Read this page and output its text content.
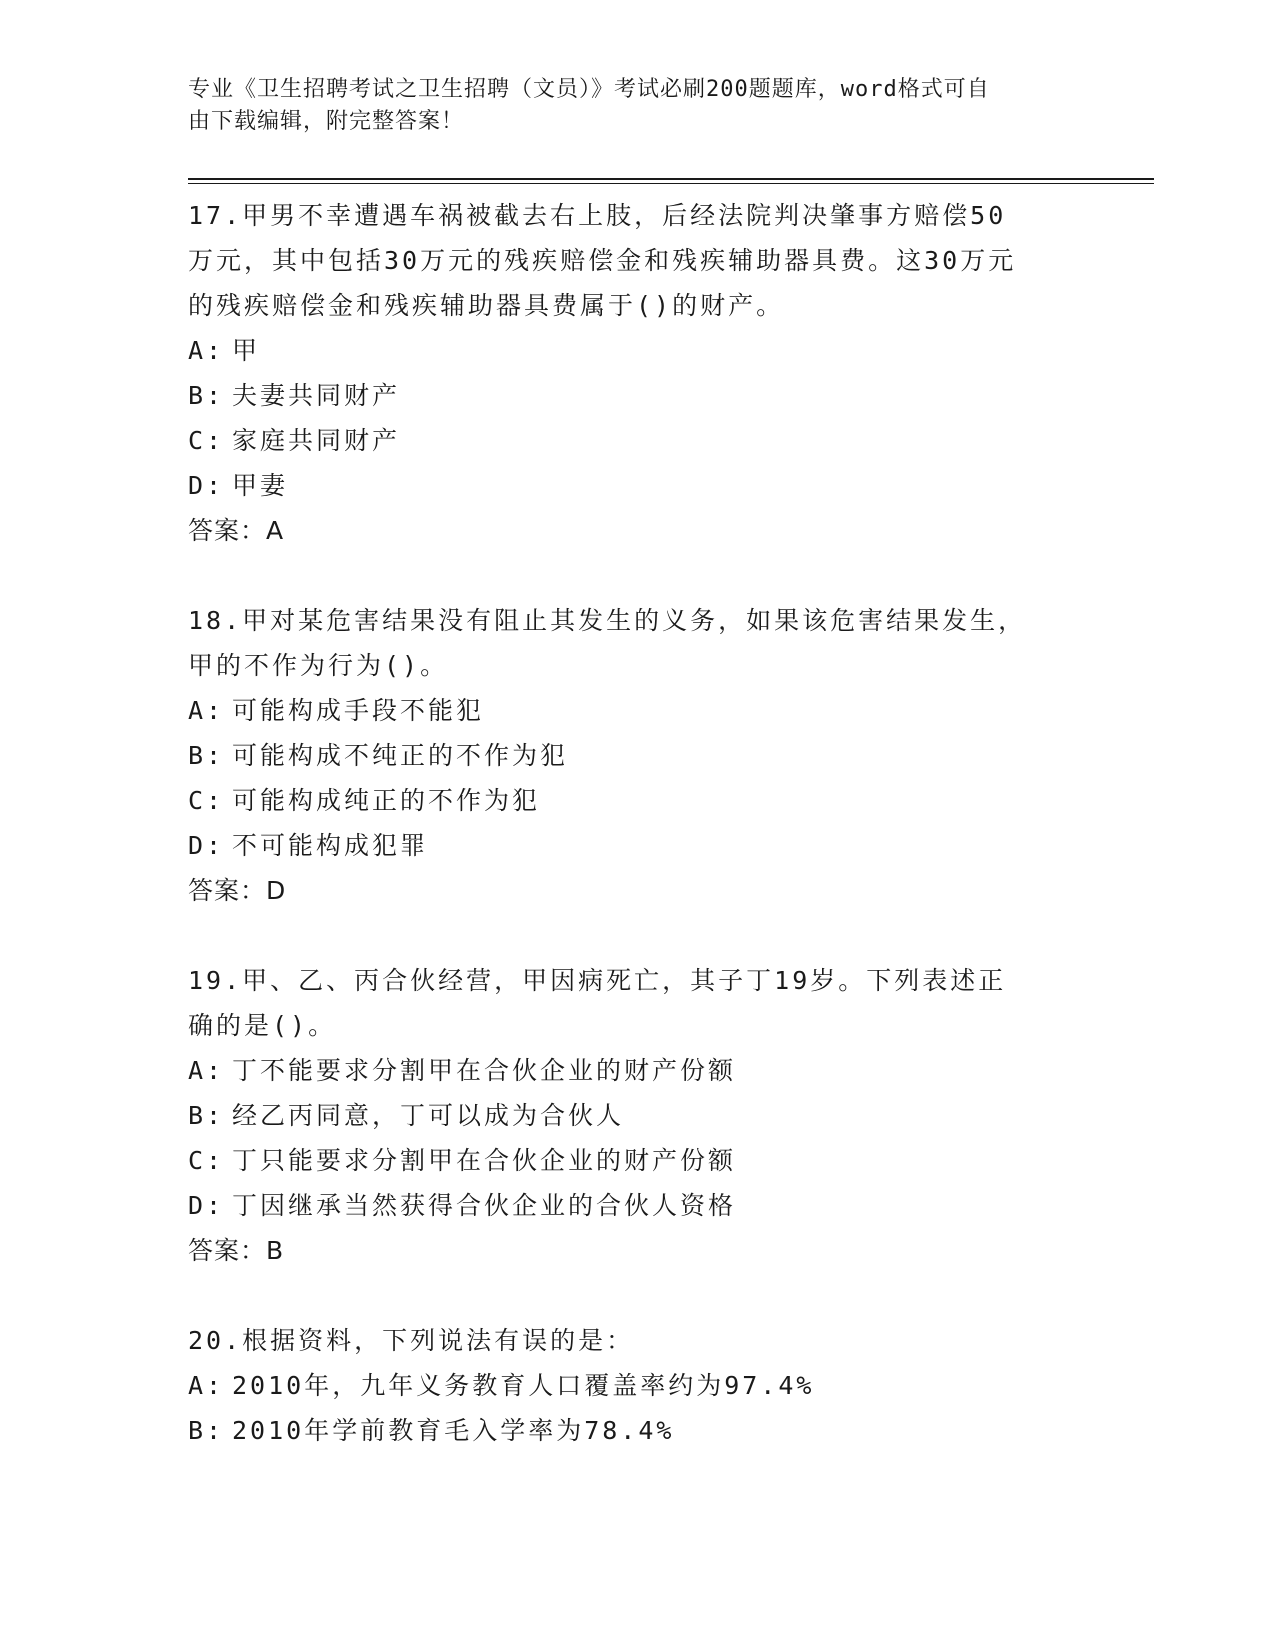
专业《卫生招聘考试之卫生招聘（文员）》考试必刷200题题库，word格式可自
由下载编辑，附完整答案！
17.甲男不幸遭遇车祸被截去右上肢，后经法院判决肇事方赔偿50万元，其中包括30万元的残疾赔偿金和残疾辅助器具费。这30万元的残疾赔偿金和残疾辅助器具费属于()的财产。
A: 甲
B: 夫妻共同财产
C: 家庭共同财产
D: 甲妻
答案：A
18.甲对某危害结果没有阻止其发生的义务，如果该危害结果发生，甲的不作为行为()。
A: 可能构成手段不能犯
B: 可能构成不纯正的不作为犯
C: 可能构成纯正的不作为犯
D: 不可能构成犯罪
答案：D
19.甲、乙、丙合伙经营，甲因病死亡，其子丁19岁。下列表述正确的是()。
A: 丁不能要求分割甲在合伙企业的财产份额
B: 经乙丙同意，丁可以成为合伙人
C: 丁只能要求分割甲在合伙企业的财产份额
D: 丁因继承当然获得合伙企业的合伙人资格
答案：B
20.根据资料，下列说法有误的是：
A: 2010年，九年义务教育人口覆盖率约为97.4%
B: 2010年学前教育毛入学率为78.4%
